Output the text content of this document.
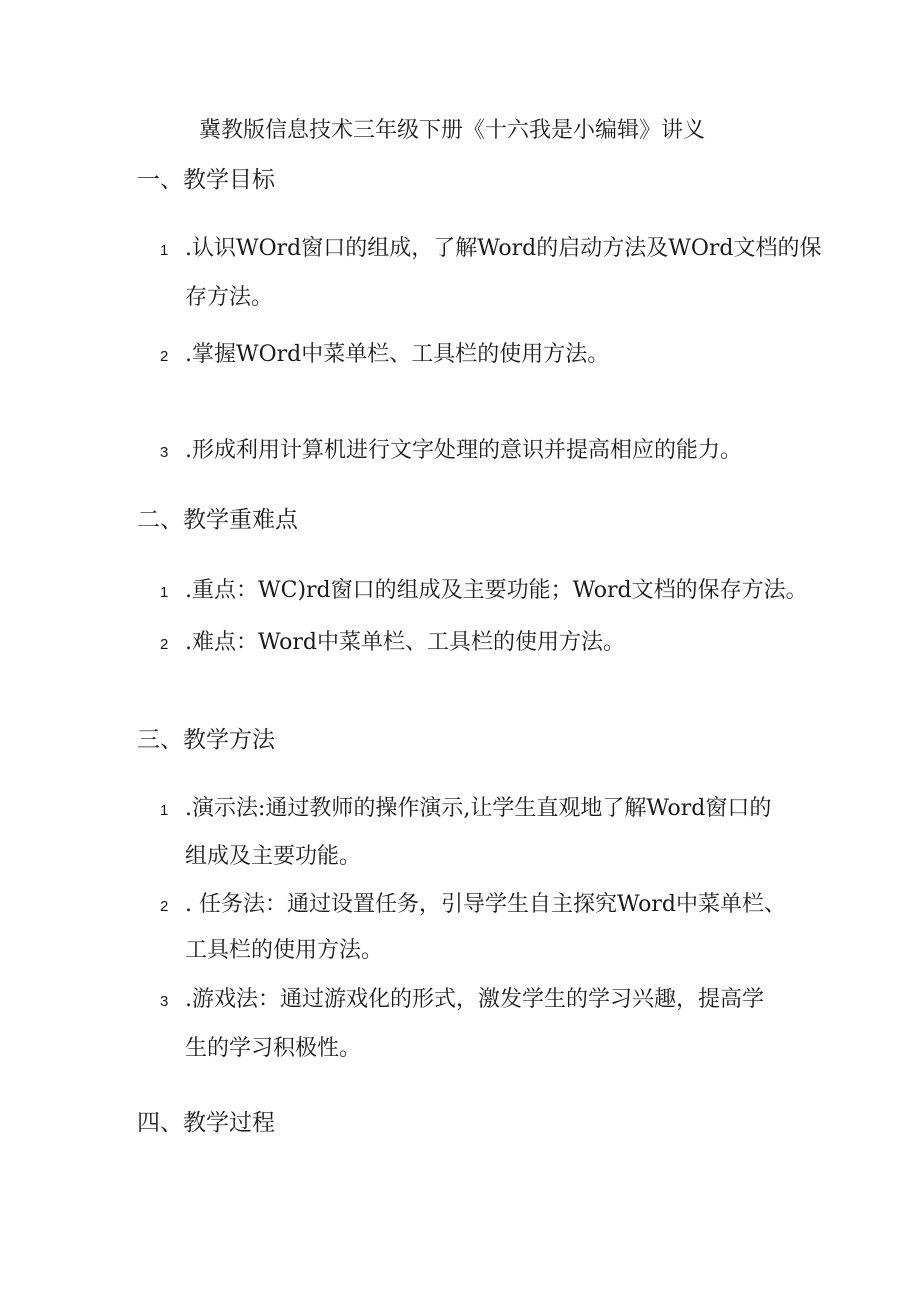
冀教版信息技术三年级下册《十六我是小编辑》讲义
一、教学目标
1 .认识WOrd窗口的组成，了解Word的启动方法及WOrd文档的保
存方法。
2 .掌握WOrd中菜单栏、工具栏的使用方法。
3 .形成利用计算机进行文字处理的意识并提高相应的能力。
二、教学重难点
1 .重点：WC)rd窗口的组成及主要功能；Word文档的保存方法。
2 .难点：Word中菜单栏、工具栏的使用方法。
三、教学方法
1 .演示法:通过教师的操作演示,让学生直观地了解Word窗口的
组成及主要功能。
2 . 任务法：通过设置任务，引导学生自主探究Word中菜单栏、
工具栏的使用方法。
3 .游戏法：通过游戏化的形式，激发学生的学习兴趣，提高学
生的学习积极性。
四、教学过程
